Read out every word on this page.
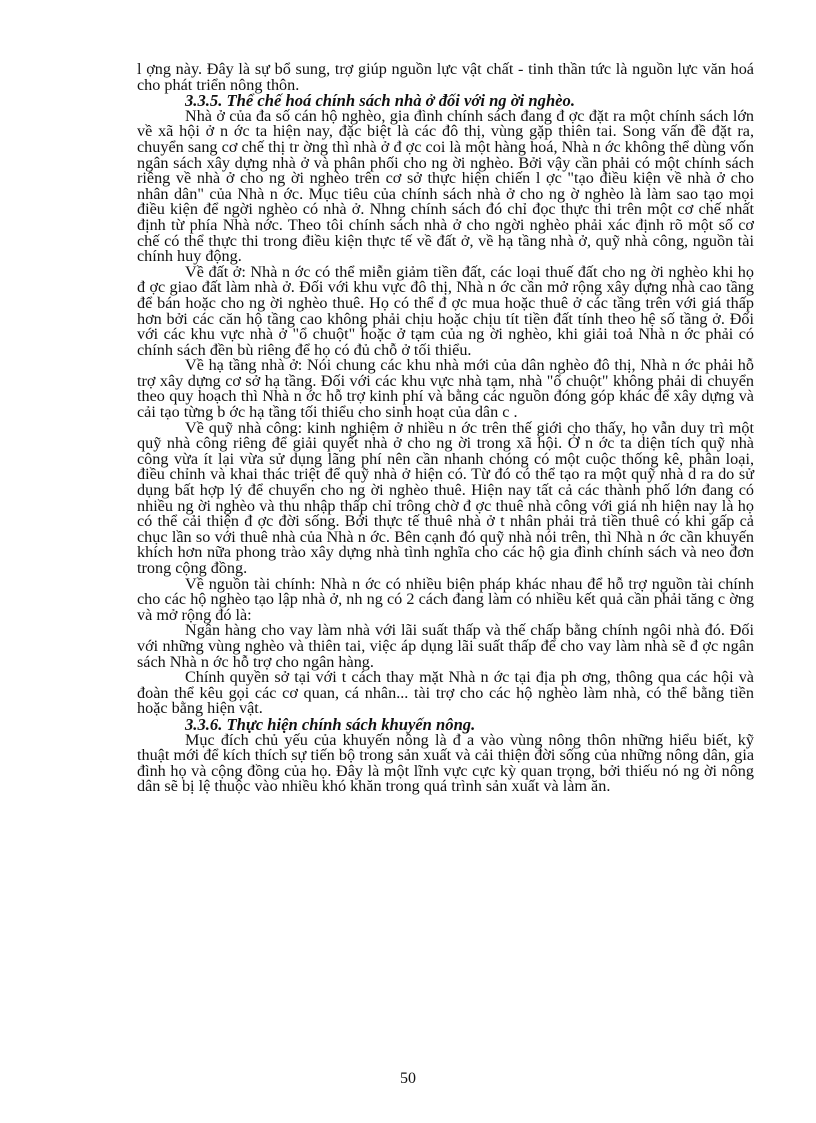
l ợng này. Đây là sự bổ sung, trợ giúp nguồn lực vật chất - tinh thần tức là nguồn lực văn hoá cho phát triển nông thôn.

3.3.5. Thể chế hoá chính sách nhà ở đối với ng ời nghèo.

Nhà ở của đa số cán hộ nghèo, gia đình chính sách đang đ ợc đặt ra một chính sách lớn về xã hội ở n ớc ta hiện nay, đặc biệt là các đô thị, vùng gặp thiên tai. Song vấn đề đặt ra, chuyển sang cơ chế thị tr ờng thì nhà ở đ ợc coi là một hàng hoá, Nhà n ớc không thể dùng vốn ngân sách xây dựng nhà ở và phân phối cho ng ời nghèo. Bởi vậy cần phải có một chính sách riêng về nhà ở cho ng ời nghèo trên cơ sở thực hiện chiến l ợc "tạo điều kiện về nhà ở cho nhân dân" của Nhà n ớc. Mục tiêu của chính sách nhà ở cho ng ờ nghèo là làm sao tạo mọi điều kiện để ngời nghèo có nhà ở. Nhng chính sách đó chỉ đọc thực thi trên một cơ chế nhất định từ phía Nhà nớc. Theo tôi chính sách nhà ở cho ngời nghèo phải xác định rõ một số cơ chế có thể thực thi trong điều kiện thực tế về đất ở, về hạ tầng nhà ở, quỹ nhà công, nguồn tài chính huy động.

Về đất ở: Nhà n ớc có thể miễn giảm tiền đất, các loại thuế đất cho ng ời nghèo khi họ đ ợc giao đất làm nhà ở. Đối với khu vực đô thị, Nhà n ớc cần mở rộng xây dựng nhà cao tầng để bán hoặc cho ng ời nghèo thuê. Họ có thể đ ợc mua hoặc thuê ở các tầng trên với giá thấp hơn bởi các căn hộ tầng cao không phải chịu hoặc chịu tít tiền đất tính theo hệ số tầng ở. Đối với các khu vực nhà ở "ổ chuột" hoặc ở tạm của ng ời nghèo, khi giải toả Nhà n ớc phải có chính sách đền bù riêng để họ có đủ chỗ ở tối thiểu.

Về hạ tầng nhà ở: Nói chung các khu nhà mới của dân nghèo đô thị, Nhà n ớc phải hỗ trợ xây dựng cơ sở hạ tầng. Đối với các khu vực nhà tạm, nhà "ổ chuột" không phải di chuyển theo quy hoạch thì Nhà n ớc hỗ trợ kinh phí và bằng các nguồn đóng góp khác để xây dựng và cải tạo từng b ớc hạ tầng tối thiểu cho sinh hoạt của dân c .

Về quỹ nhà công: kinh nghiệm ở nhiều n ớc trên thế giới cho thấy, họ vẫn duy trì một quỹ nhà công riêng để giải quyết nhà ở cho ng ời trong xã hội. Ở n ớc ta diện tích quỹ nhà công vừa ít lại vừa sử dụng lãng phí nên cần nhanh chóng có một cuộc thống kê, phân loại, điều chỉnh và khai thác triệt để quỹ nhà ở hiện có. Từ đó có thể tạo ra một quỹ nhà d ra do sử dụng bất hợp lý để chuyển cho ng ời nghèo thuê. Hiện nay tất cả các thành phố lớn đang có nhiều ng ời nghèo và thu nhập thấp chỉ trông chờ đ ợc thuê nhà công với giá nh hiện nay là họ có thể cải thiện đ ợc đời sống. Bởi thực tế thuê nhà ở t nhân phải trả tiền thuê có khi gấp cả chục lần so với thuê nhà của Nhà n ớc. Bên cạnh đó quỹ nhà nói trên, thì Nhà n ớc cần khuyến khích hơn nữa phong trào xây dựng nhà tình nghĩa cho các hộ gia đình chính sách và neo đơn trong cộng đồng.

Về nguồn tài chính: Nhà n ớc có nhiều biện pháp khác nhau để hỗ trợ nguồn tài chính cho các hộ nghèo tạo lập nhà ở, nh ng có 2 cách đang làm có nhiều kết quả cần phải tăng c ờng và mở rộng đó là:

Ngân hàng cho vay làm nhà với lãi suất thấp và thế chấp bằng chính ngôi nhà đó. Đối với những vùng nghèo và thiên tai, việc áp dụng lãi suất thấp để cho vay làm nhà sẽ đ ợc ngân sách Nhà n ớc hỗ trợ cho ngân hàng.

Chính quyền sở tại với t cách thay mặt Nhà n ớc tại địa ph ơng, thông qua các hội và đoàn thể kêu gọi các cơ quan, cá nhân... tài trợ cho các hộ nghèo làm nhà, có thể bằng tiền hoặc bằng hiện vật.

3.3.6. Thực hiện chính sách khuyến nông.

Mục đích chủ yếu của khuyến nông là đ a vào vùng nông thôn những hiểu biết, kỹ thuật mới để kích thích sự tiến bộ trong sản xuất và cải thiện đời sống của những nông dân, gia đình họ và cộng đồng của họ. Đây là một lĩnh vực cực kỳ quan trọng, bởi thiếu nó ng ời nông dân sẽ bị lệ thuộc vào nhiều khó khăn trong quá trình sản xuất và làm ăn.

50
